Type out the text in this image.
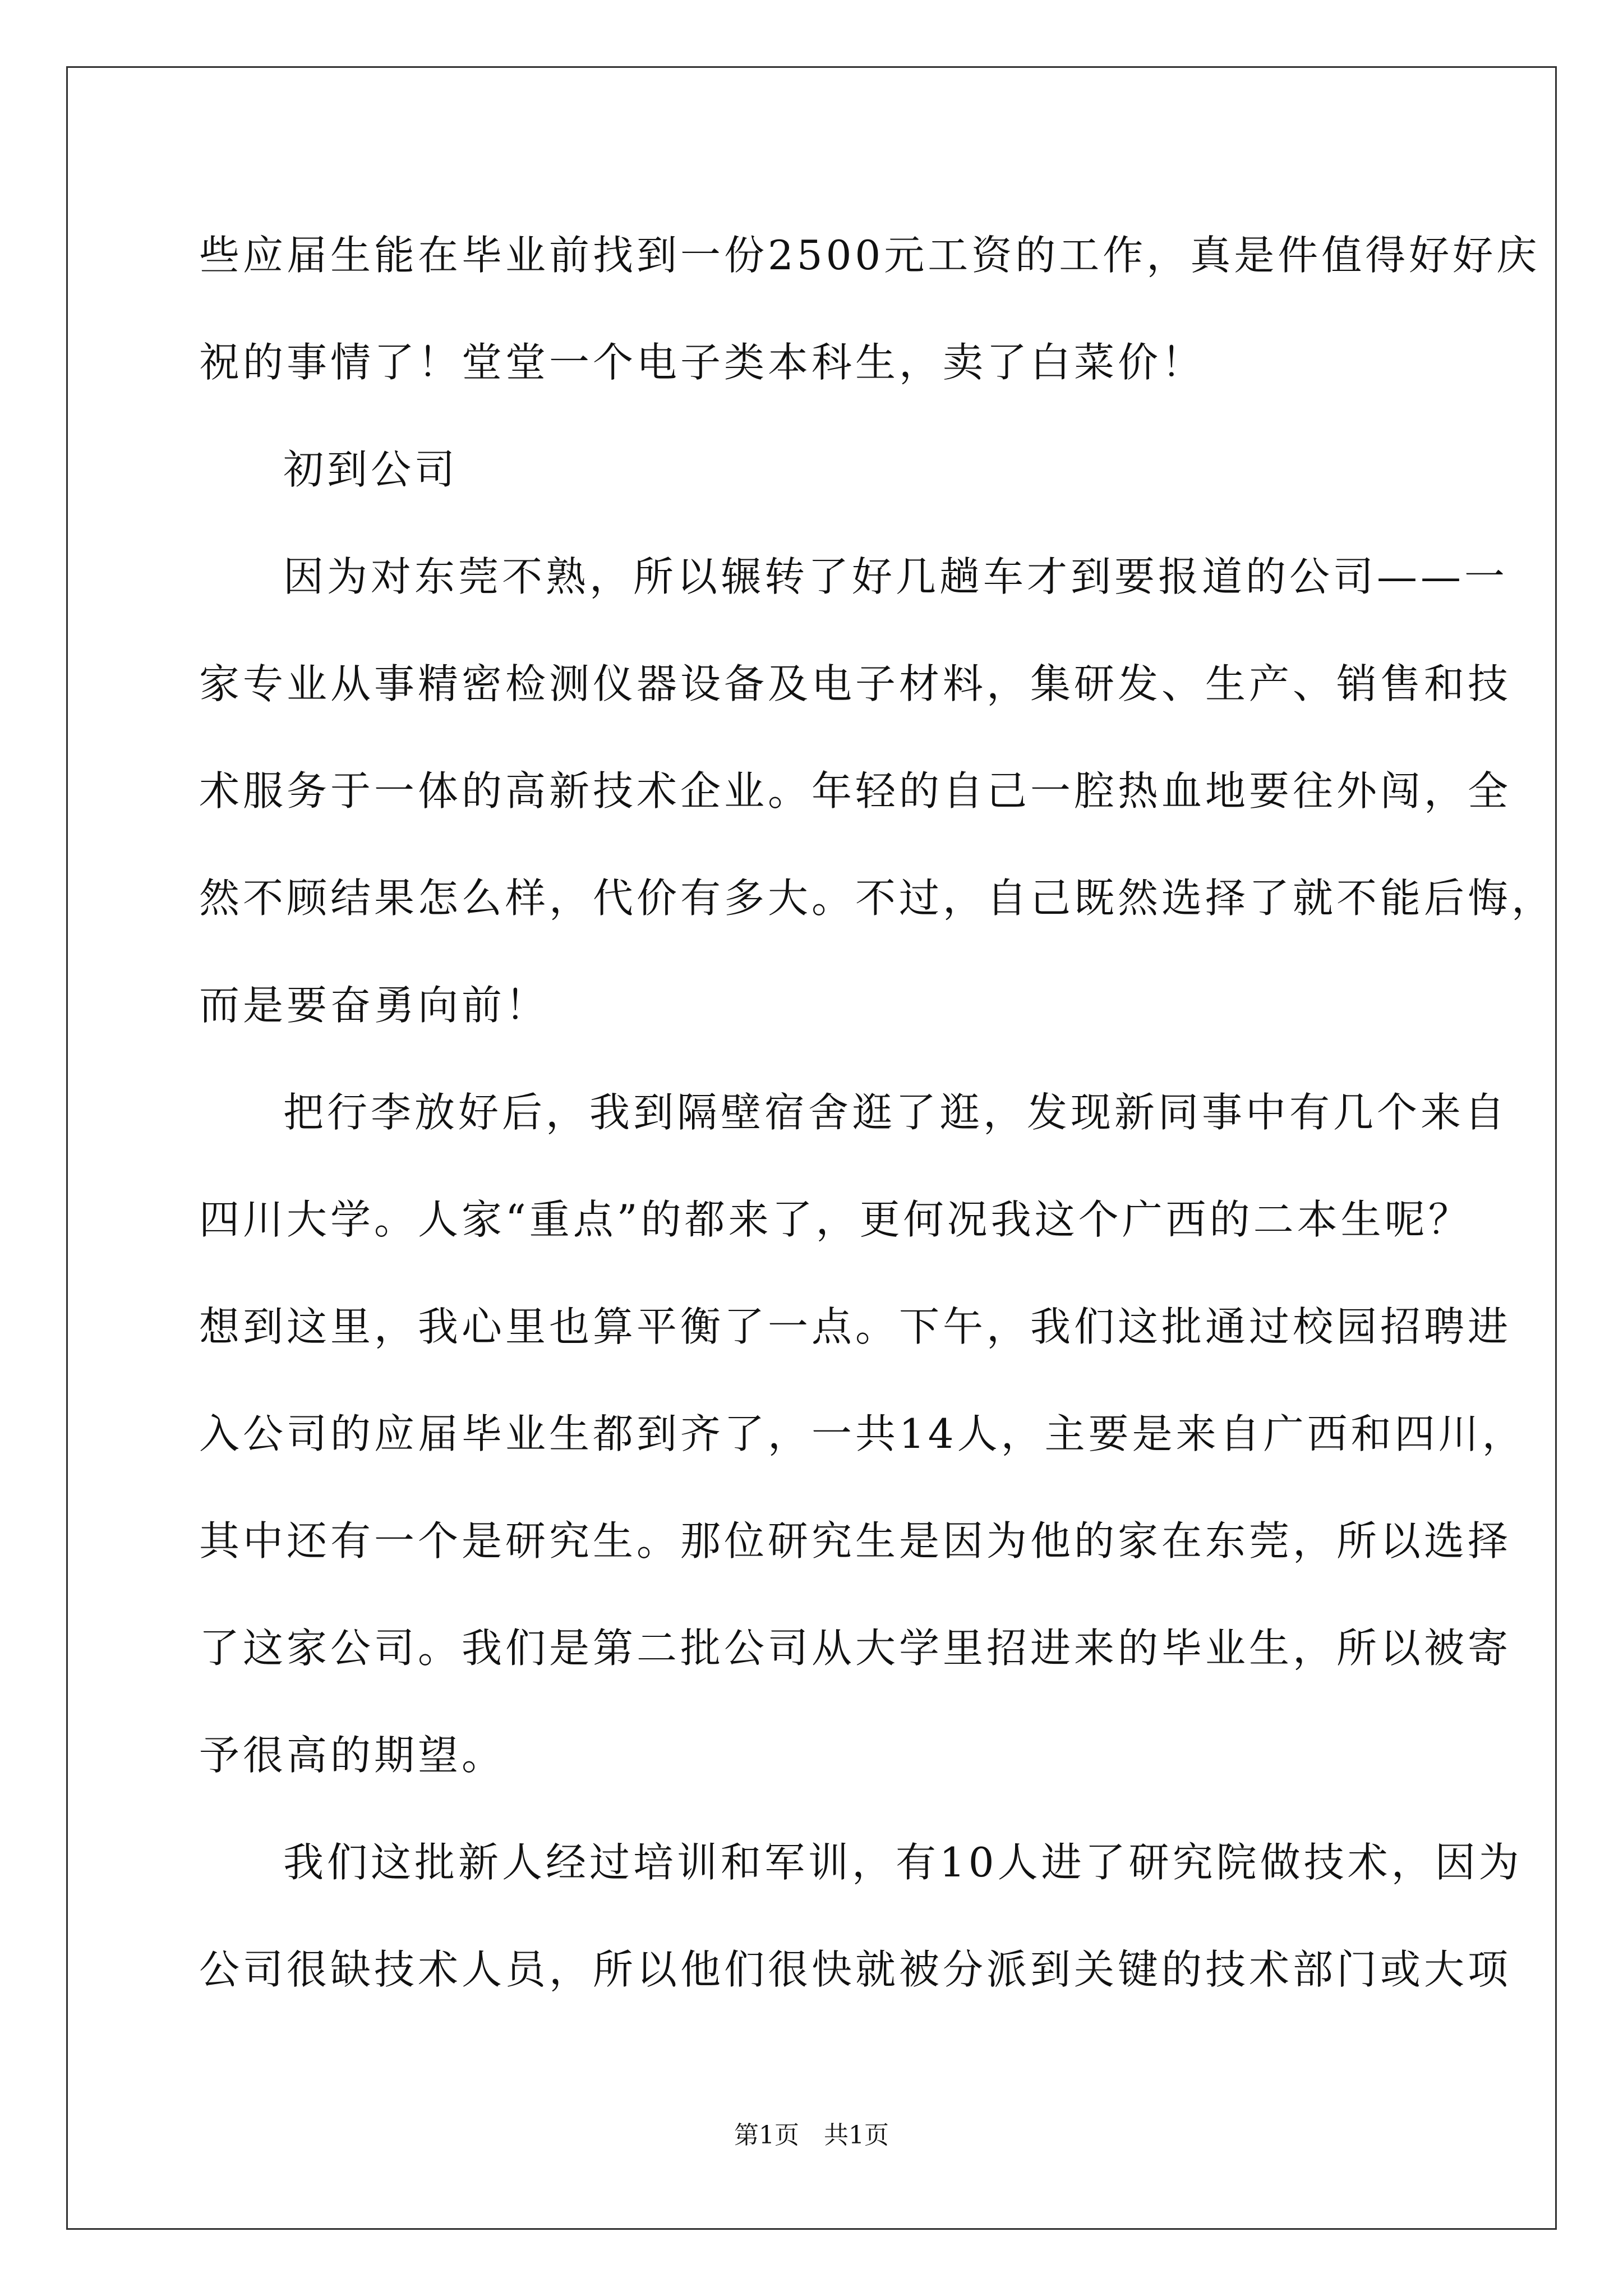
些应届生能在毕业前找到一份2500元工资的工作，真是件值得好好庆
祝的事情了！堂堂一个电子类本科生，卖了白菜价！
初到公司
因为对东莞不熟，所以辗转了好几趟车才到要报道的公司——一
家专业从事精密检测仪器设备及电子材料，集研发、生产、销售和技
术服务于一体的高新技术企业。年轻的自己一腔热血地要往外闯，全
然不顾结果怎么样，代价有多大。不过，自己既然选择了就不能后悔，
而是要奋勇向前！
把行李放好后，我到隔壁宿舍逛了逛，发现新同事中有几个来自
四川大学。人家“重点”的都来了，更何况我这个广西的二本生呢？
想到这里，我心里也算平衡了一点。下午，我们这批通过校园招聘进
入公司的应届毕业生都到齐了，一共14人，主要是来自广西和四川，
其中还有一个是研究生。那位研究生是因为他的家在东莞，所以选择
了这家公司。我们是第二批公司从大学里招进来的毕业生，所以被寄
予很高的期望。
我们这批新人经过培训和军训，有10人进了研究院做技术，因为
公司很缺技术人员，所以他们很快就被分派到关键的技术部门或大项
第1页　共1页
